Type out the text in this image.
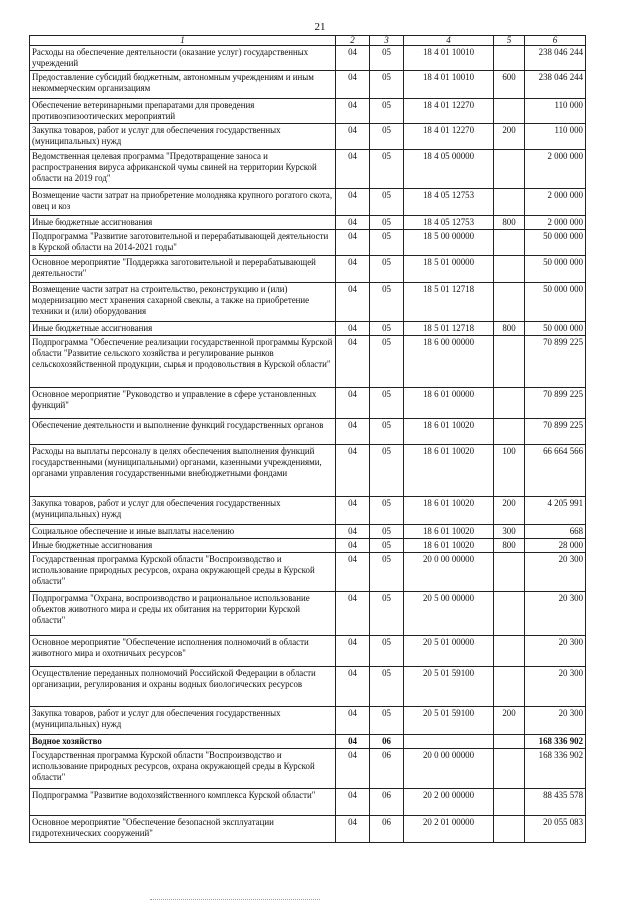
21
1	2	3	4	5	6
Расходы на обеспечение деятельности (оказание услуг) государственных учреждений	04	05	18 4 01 10010		238 046 244
Предоставление субсидий бюджетным, автономным учреждениям и иным некоммерческим организациям	04	05	18 4 01 10010	600	238 046 244
Обеспечение ветеринарными препаратами для проведения противоэпизоотических мероприятий	04	05	18 4 01 12270		110 000
Закупка товаров, работ и услуг для обеспечения государственных (муниципальных) нужд	04	05	18 4 01 12270	200	110 000
Ведомственная целевая программа "Предотвращение заноса и распространения вируса африканской чумы свиней на территории Курской области на 2019 год"	04	05	18 4 05 00000		2 000 000
Возмещение части затрат на приобретение молодняка крупного рогатого скота, овец и коз	04	05	18 4 05 12753		2 000 000
Иные бюджетные ассигнования	04	05	18 4 05 12753	800	2 000 000
Подпрограмма "Развитие заготовительной и перерабатывающей деятельности в Курской области на 2014-2021 годы"	04	05	18 5 00 00000		50 000 000
Основное мероприятие "Поддержка заготовительной и перерабатывающей деятельности"	04	05	18 5 01 00000		50 000 000
Возмещение части затрат на строительство, реконструкцию и (или) модернизацию мест хранения сахарной свеклы, а также на приобретение техники и (или) оборудования	04	05	18 5 01 12718		50 000 000
Иные бюджетные ассигнования	04	05	18 5 01 12718	800	50 000 000
Подпрограмма "Обеспечение реализации государственной программы Курской области "Развитие сельского хозяйства и регулирование рынков сельскохозяйственной продукции, сырья и продовольствия в Курской области"	04	05	18 6 00 00000		70 899 225
Основное мероприятие "Руководство и управление в сфере установленных функций"	04	05	18 6 01 00000		70 899 225
Обеспечение деятельности и выполнение функций государственных органов	04	05	18 6 01 10020		70 899 225
Расходы на выплаты персоналу в целях обеспечения выполнения функций государственными (муниципальными) органами, казенными учреждениями, органами управления государственными внебюджетными фондами	04	05	18 6 01 10020	100	66 664 566
Закупка товаров, работ и услуг для обеспечения государственных (муниципальных) нужд	04	05	18 6 01 10020	200	4 205 991
Социальное обеспечение и иные выплаты населению	04	05	18 6 01 10020	300	668
Иные бюджетные ассигнования	04	05	18 6 01 10020	800	28 000
Государственная программа Курской области "Воспроизводство и использование природных ресурсов, охрана окружающей среды в Курской области"	04	05	20 0 00 00000		20 300
Подпрограмма "Охрана, воспроизводство и рациональное использование объектов животного мира и среды их обитания на территории Курской области"	04	05	20 5 00 00000		20 300
Основное мероприятие "Обеспечение исполнения полномочий в области животного мира и охотничьих ресурсов"	04	05	20 5 01 00000		20 300
Осуществление переданных полномочий Российской Федерации в области организации, регулирования и охраны водных биологических ресурсов	04	05	20 5 01 59100		20 300
Закупка товаров, работ и услуг для обеспечения государственных (муниципальных) нужд	04	05	20 5 01 59100	200	20 300
Водное хозяйство	04	06			168 336 902
Государственная программа Курской области "Воспроизводство и использование природных ресурсов, охрана окружающей среды в Курской области"	04	06	20 0 00 00000		168 336 902
Подпрограмма "Развитие водохозяйственного комплекса Курской области"	04	06	20 2 00 00000		88 435 578
Основное мероприятие "Обеспечение безопасной эксплуатации гидротехнических сооружений"	04	06	20 2 01 00000		20 055 083
